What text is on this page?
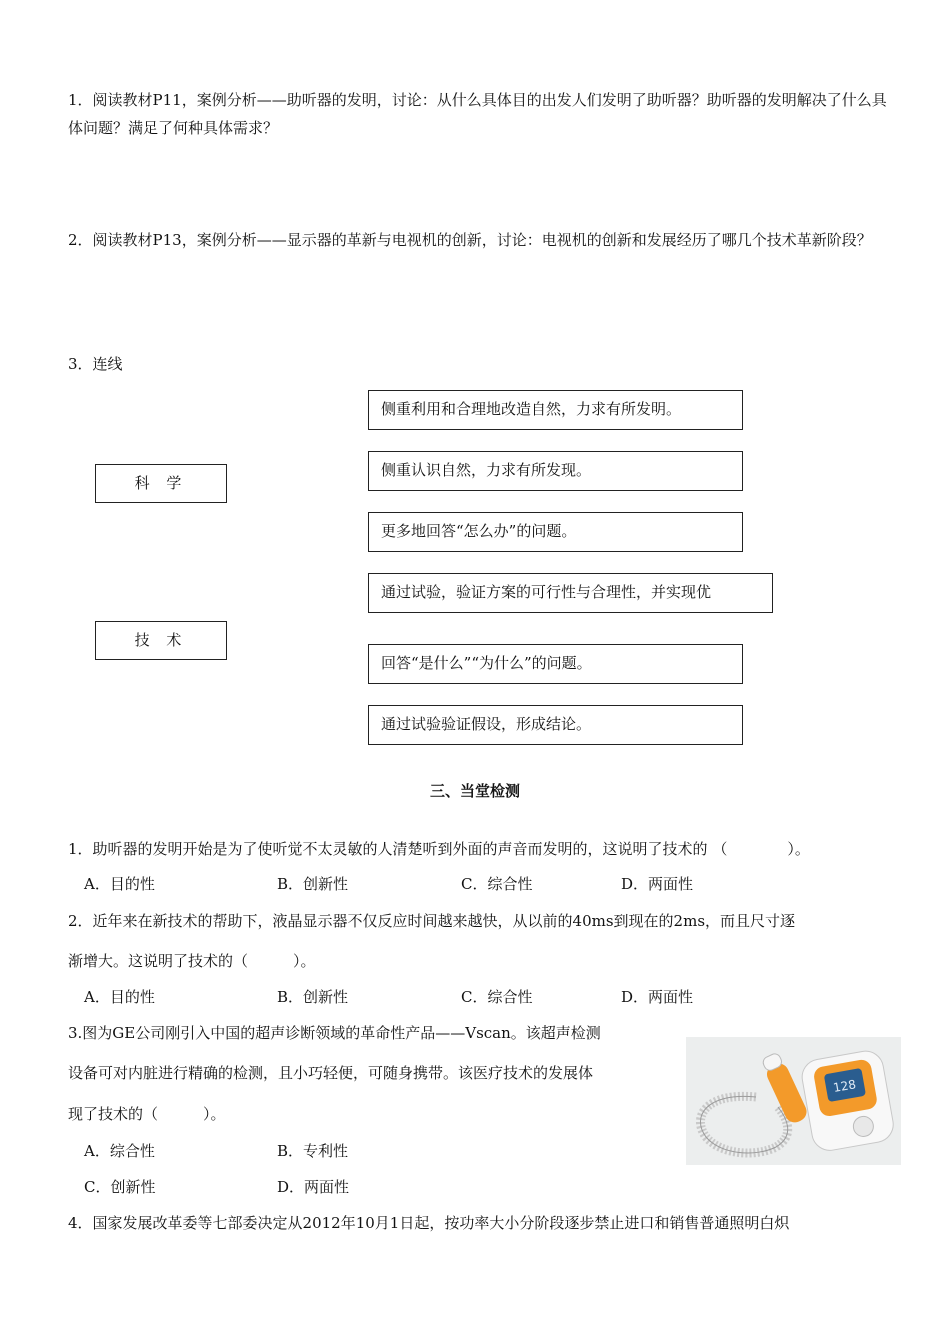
1．阅读教材P11，案例分析——助听器的发明，讨论：从什么具体目的出发人们发明了助听器？助听器的发明解决了什么具体问题？满足了何种具体需求？
2．阅读教材P13，案例分析——显示器的革新与电视机的创新，讨论：电视机的创新和发展经历了哪几个技术革新阶段？
3．连线
科 学
技 术
侧重利用和合理地改造自然，力求有所发明。
侧重认识自然，力求有所发现。
更多地回答“怎么办”的问题。
通过试验，验证方案的可行性与合理性，并实现优
回答“是什么”“为什么”的问题。
通过试验验证假设，形成结论。
三、当堂检测
1．助听器的发明开始是为了使听觉不太灵敏的人清楚听到外面的声音而发明的，这说明了技术的 （　　　　）。
A．目的性	B．创新性	C．综合性	D．两面性
2．近年来在新技术的帮助下，液晶显示器不仅反应时间越来越快，从以前的40ms到现在的2ms，而且尺寸逐
渐增大。这说明了技术的（　　　）。
A．目的性	B．创新性	C．综合性	D．两面性
3.图为GE公司刚引入中国的超声诊断领域的革命性产品——Vscan。该超声检测
设备可对内脏进行精确的检测，且小巧轻便，可随身携带。该医疗技术的发展体
现了技术的（　　　）。
A．综合性	B．专利性
C．创新性	D．两面性
128
4．国家发展改革委等七部委决定从2012年10月1日起，按功率大小分阶段逐步禁止进口和销售普通照明白炽
